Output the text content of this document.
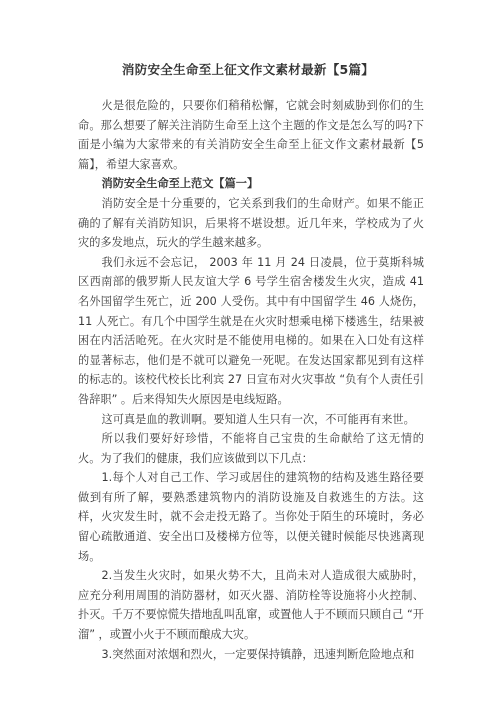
消防安全生命至上征文作文素材最新【5篇】

火是很危险的，只要你们稍稍松懈，它就会时刻威胁到你们的生命。那么想要了解关注消防生命至上这个主题的作文是怎么写的吗?下面是小编为大家带来的有关消防安全生命至上征文作文素材最新【5篇】，希望大家喜欢。

消防安全生命至上范文【篇一】

消防安全是十分重要的，它关系到我们的生命财产。如果不能正确的了解有关消防知识，后果将不堪设想。近几年来，学校成为了火灾的多发地点，玩火的学生越来越多。

我们永远不会忘记， 2003 年 11 月 24 日凌晨，位于莫斯科城区西南部的俄罗斯人民友谊大学 6 号学生宿舍楼发生火灾，造成 41 名外国留学生死亡，近 200 人受伤。其中有中国留学生 46 人烧伤， 11 人死亡。有几个中国学生就是在火灾时想乘电梯下楼逃生，结果被困在内活活呛死。在火灾时是不能使用电梯的。如果在入口处有这样的显著标志，他们是不就可以避免一死呢。在发达国家都见到有这样的标志的。该校代校长比利宾 27 日宣布对火灾事故 “负有个人责任引咎辞职” 。后来得知失火原因是电线短路。

这可真是血的教训啊。要知道人生只有一次，不可能再有来世。

所以我们要好好珍惜，不能将自己宝贵的生命献给了这无情的火。为了我们的健康，我们应该做到以下几点：

1.每个人对自己工作、学习或居住的建筑物的结构及逃生路径要做到有所了解，要熟悉建筑物内的消防设施及自救逃生的方法。这样，火灾发生时，就不会走投无路了。当你处于陌生的环境时，务必留心疏散通道、安全出口及楼梯方位等，以便关键时候能尽快逃离现场。

2.当发生火灾时，如果火势不大，且尚未对人造成很大威胁时，应充分利用周围的消防器材，如灭火器、消防栓等设施将小火控制、扑灭。千万不要惊慌失措地乱叫乱窜，或置他人于不顾而只顾自己 “开溜” ，或置小火于不顾而酿成大灾。

3.突然面对浓烟和烈火，一定要保持镇静，迅速判断危险地点和
